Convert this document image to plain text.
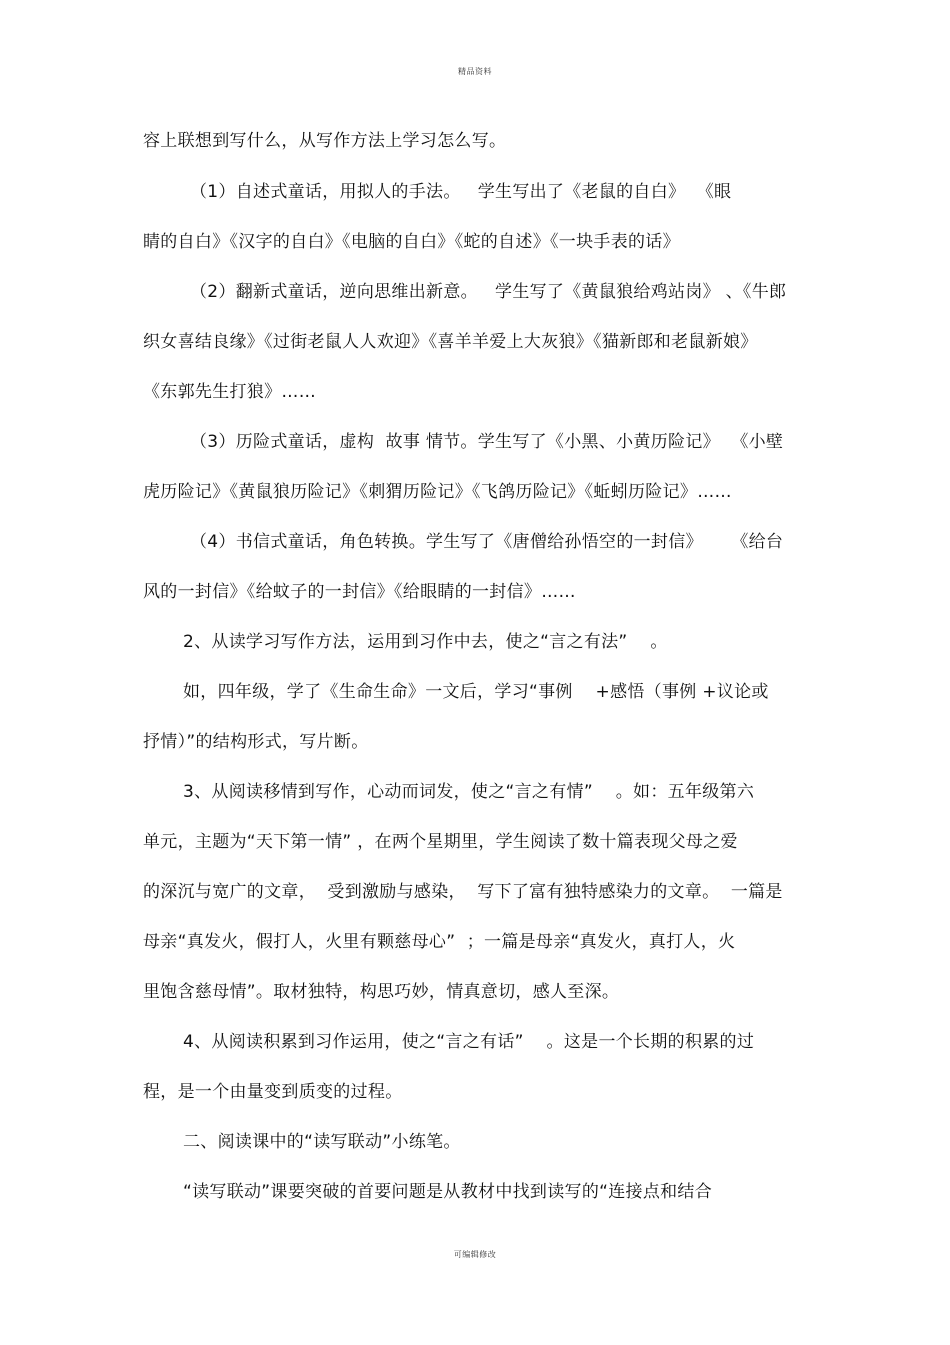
精品资料
容上联想到写什么，从写作方法上学习怎么写。
（1）自述式童话，用拟人的手法。   学生写出了《老鼠的自白》  《眼
睛的自白》《汉字的自白》《电脑的自白》《蛇的自述》《一块手表的话》
（2）翻新式童话，逆向思维出新意。   学生写了《黄鼠狼给鸡站岗》 、《牛郎
织女喜结良缘》《过街老鼠人人欢迎》《喜羊羊爱上大灰狼》《猫新郎和老鼠新娘》
《东郭先生打狼》……
（3）历险式童话，虚构  故事 情节。学生写了《小黑、小黄历险记》  《小壁
虎历险记》《黄鼠狼历险记》《刺猬历险记》《飞鸽历险记》《蚯蚓历险记》……
（4）书信式童话，角色转换。学生写了《唐僧给孙悟空的一封信》     《给台
风的一封信》《给蚊子的一封信》《给眼睛的一封信》……
2、从读学习写作方法，运用到习作中去，使之“言之有法”    。
如，四年级，学了《生命生命》一文后，学习“事例    +感悟（事例 +议论或
抒情）”的结构形式，写片断。
3、从阅读移情到写作，心动而词发，使之“言之有情”    。如：五年级第六
单元，主题为“天下第一情” ，在两个星期里，学生阅读了数十篇表现父母之爱
的深沉与宽广的文章，  受到激励与感染，  写下了富有独特感染力的文章。  一篇是
母亲“真发火，假打人，火里有颗慈母心”  ；一篇是母亲“真发火，真打人，火
里饱含慈母情”。取材独特，构思巧妙，情真意切，感人至深。
4、从阅读积累到习作运用，使之“言之有话”    。这是一个长期的积累的过
程，是一个由量变到质变的过程。
二、阅读课中的“读写联动”小练笔。
“读写联动”课要突破的首要问题是从教材中找到读写的“连接点和结合
可编辑修改
